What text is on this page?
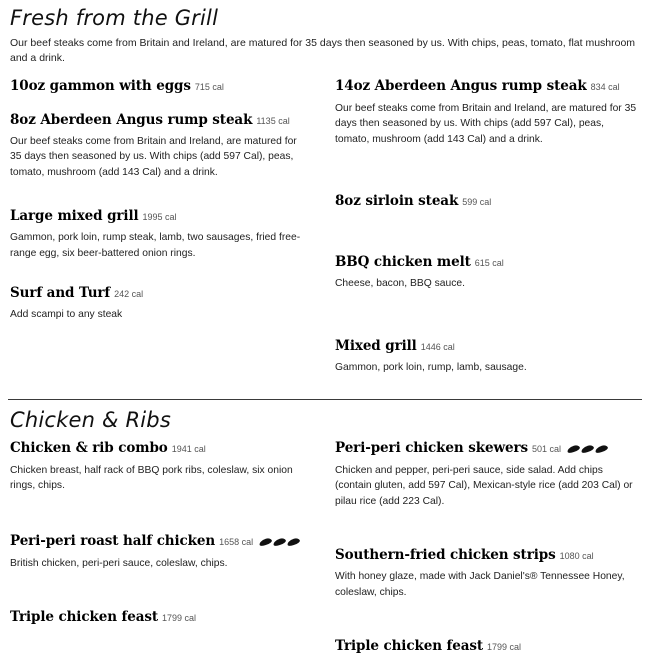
Fresh from the Grill
Our beef steaks come from Britain and Ireland, are matured for 35 days then seasoned by us. With chips, peas, tomato, flat mushroom and a drink.
10oz gammon with eggs 715 cal
8oz Aberdeen Angus rump steak 1135 cal
Our beef steaks come from Britain and Ireland, are matured for 35 days then seasoned by us. With chips (add 597 Cal), peas, tomato, mushroom (add 143 Cal) and a drink.
Large mixed grill 1995 cal
Gammon, pork loin, rump steak, lamb, two sausages, fried free-range egg, six beer-battered onion rings.
Surf and Turf 242 cal
Add scampi to any steak
14oz Aberdeen Angus rump steak 834 cal
Our beef steaks come from Britain and Ireland, are matured for 35 days then seasoned by us. With chips (add 597 Cal), peas, tomato, mushroom (add 143 Cal) and a drink.
8oz sirloin steak 599 cal
BBQ chicken melt 615 cal
Cheese, bacon, BBQ sauce.
Mixed grill 1446 cal
Gammon, pork loin, rump, lamb, sausage.
Chicken & Ribs
Chicken & rib combo 1941 cal
Chicken breast, half rack of BBQ pork ribs, coleslaw, six onion rings, chips.
Peri-peri roast half chicken 1658 cal
British chicken, peri-peri sauce, coleslaw, chips.
Triple chicken feast 1799 cal
Peri-peri chicken skewers 501 cal
Chicken and pepper, peri-peri sauce, side salad. Add chips (contain gluten, add 597 Cal), Mexican-style rice (add 203 Cal) or pilau rice (add 223 Cal).
Southern-fried chicken strips 1080 cal
With honey glaze, made with Jack Daniel's® Tennessee Honey, coleslaw, chips.
Triple chicken feast 1799 cal
